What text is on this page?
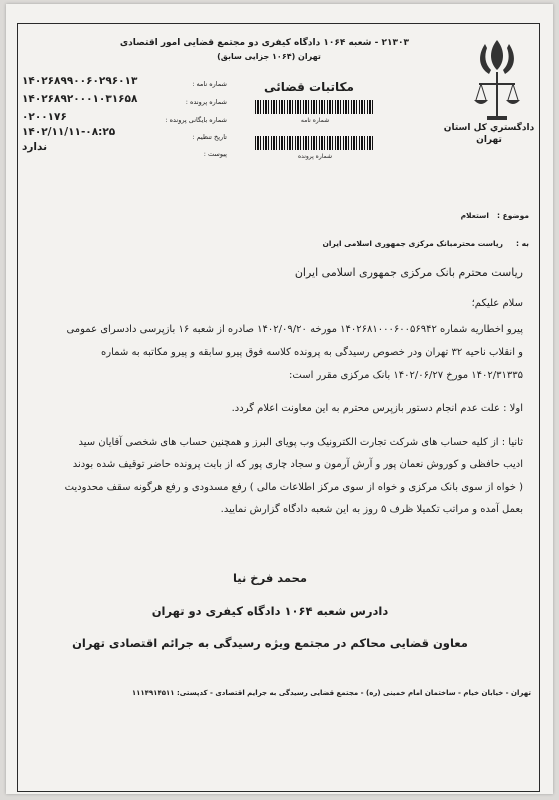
۲۱۳۰۳ - شعبه ۱۰۶۴ دادگاه کیفری دو مجتمع قضایی امور اقتصادی
تهران (۱۰۶۴ جزایی سابق)
دادگستري كل استان
تهران
مکاتبات قضائی
شماره نامه
شماره پرونده
شماره نامه :
۱۴۰۲۶۸۹۹۰۰۶۰۲۹۶۰۱۳
شماره پرونده :
۱۴۰۲۶۸۹۲۰۰۰۱۰۳۱۶۵۸
شماره بایگانی پرونده :
۰۲۰۰۱۷۶
تاریخ تنظیم :
۱۴۰۲/۱۱/۱۱-۰۸:۲۵
پیوست :
ندارد
موضوع :
استعلام
به :
رياست محترمبانک مرکزی جمهوری اسلامی ایران
ریاست محترم بانک مرکزی جمهوری اسلامی ایران
سلام علیکم؛
پیرو اخطاریه شماره ۱۴۰۲۶۸۱۰۰۰۶۰۰۵۶۹۴۲ مورخه ۱۴۰۲/۰۹/۲۰ صادره از شعبه ۱۶ بازپرسی دادسرای عمومی
و انقلاب ناحیه ۳۲ تهران ودر خصوص رسیدگی به پرونده کلاسه فوق پیرو سابقه و پیرو مکاتبه به شماره
۱۴۰۲/۳۱۳۳۵ مورخ ۱۴۰۲/۰۶/۲۷ بانک مرکزی مقرر است:
اولا : علت عدم انجام دستور بازپرس محترم به این معاونت اعلام گردد.
ثانیا : از کلیه حساب های شرکت تجارت الکترونیک وب پویای البرز و همچنین حساب های شخصی آقایان سید
ادیب حافظی و کوروش نعمان پور و آرش آرمون و سجاد چاری پور که از بابت پرونده حاضر توقیف شده بودند
( خواه از سوی بانک مرکزی و خواه از سوی مرکز اطلاعات مالی ) رفع مسدودی و رفع هرگونه سقف محدودیت
بعمل آمده و مراتب تکمیلا ظرف ۵ روز به این شعبه دادگاه گزارش نمایید.
محمد فرخ نیا
دادرس شعبه ۱۰۶۴ دادگاه کیفری دو تهران
معاون قضایی محاکم در مجتمع ویژه رسیدگی به جرائم اقتصادی تهران
تهران - خیابان خیام - ساختمان امام خمینی (ره) - مجتمع قضایی رسیدگی به جرایم اقتصادی - کدپستی: ۱۱۱۴۹۱۴۵۱۱
